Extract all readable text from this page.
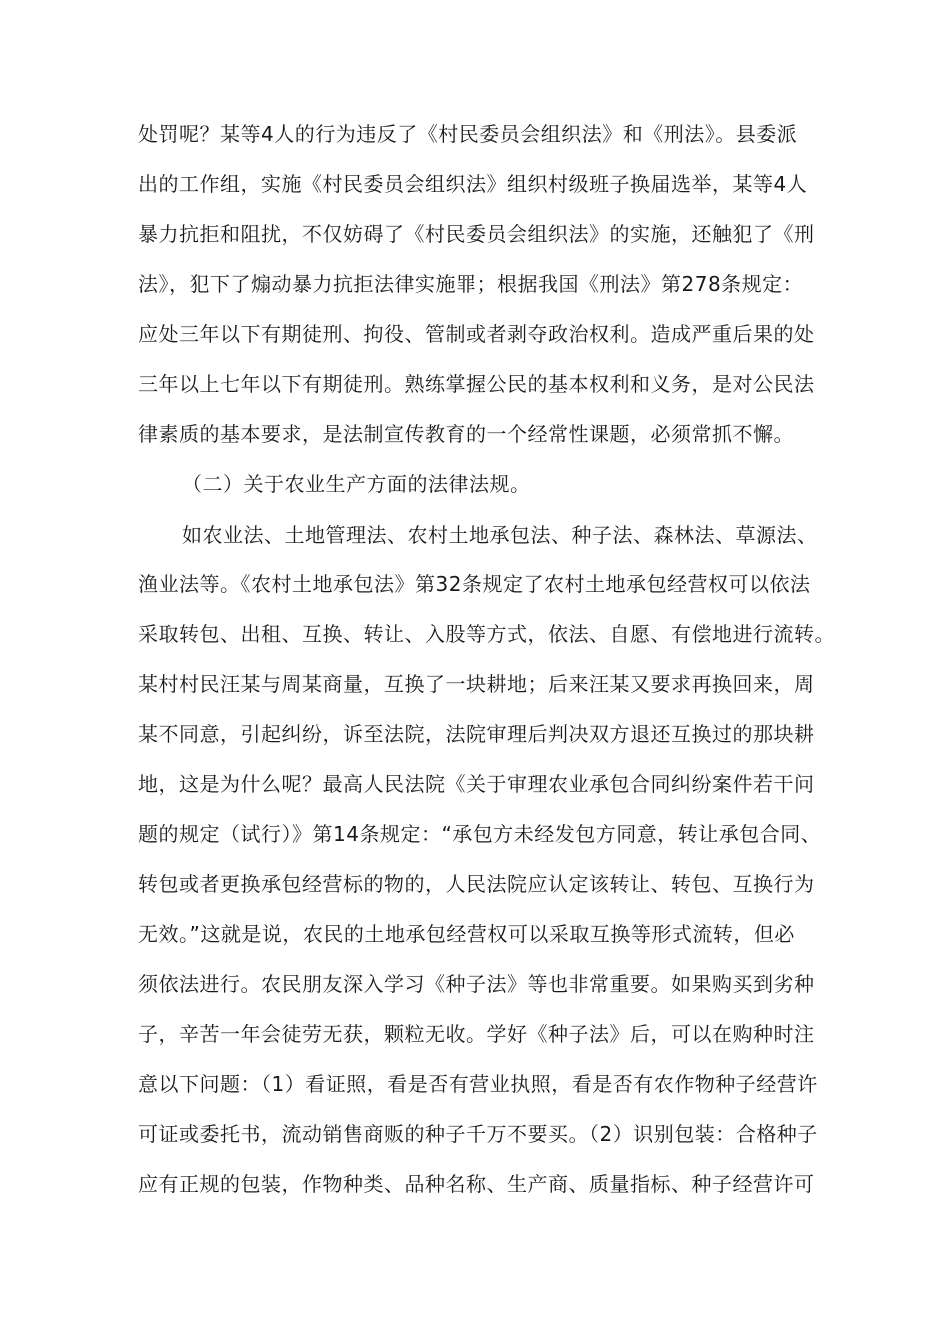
处罚呢？某等4人的行为违反了《村民委员会组织法》和《刑法》。县委派
出的工作组，实施《村民委员会组织法》组织村级班子换届选举，某等4人
暴力抗拒和阻扰，不仅妨碍了《村民委员会组织法》的实施，还触犯了《刑
法》，犯下了煽动暴力抗拒法律实施罪；根据我国《刑法》第278条规定：
应处三年以下有期徒刑、拘役、管制或者剥夺政治权利。造成严重后果的处
三年以上七年以下有期徒刑。熟练掌握公民的基本权利和义务，是对公民法
律素质的基本要求，是法制宣传教育的一个经常性课题，必须常抓不懈。
（二）关于农业生产方面的法律法规。
如农业法、土地管理法、农村土地承包法、种子法、森林法、草源法、
渔业法等。《农村土地承包法》第32条规定了农村土地承包经营权可以依法
采取转包、出租、互换、转让、入股等方式，依法、自愿、有偿地进行流转。
某村村民汪某与周某商量，互换了一块耕地；后来汪某又要求再换回来，周
某不同意，引起纠纷，诉至法院，法院审理后判决双方退还互换过的那块耕
地，这是为什么呢？最高人民法院《关于审理农业承包合同纠纷案件若干问
题的规定（试行）》第14条规定：“承包方未经发包方同意，转让承包合同、
转包或者更换承包经营标的物的，人民法院应认定该转让、转包、互换行为
无效。”这就是说，农民的土地承包经营权可以采取互换等形式流转，但必
须依法进行。农民朋友深入学习《种子法》等也非常重要。如果购买到劣种
子，辛苦一年会徒劳无获，颗粒无收。学好《种子法》后，可以在购种时注
意以下问题：（1）看证照，看是否有营业执照，看是否有农作物种子经营许
可证或委托书，流动销售商贩的种子千万不要买。（2）识别包装：合格种子
应有正规的包装，作物种类、品种名称、生产商、质量指标、种子经营许可
